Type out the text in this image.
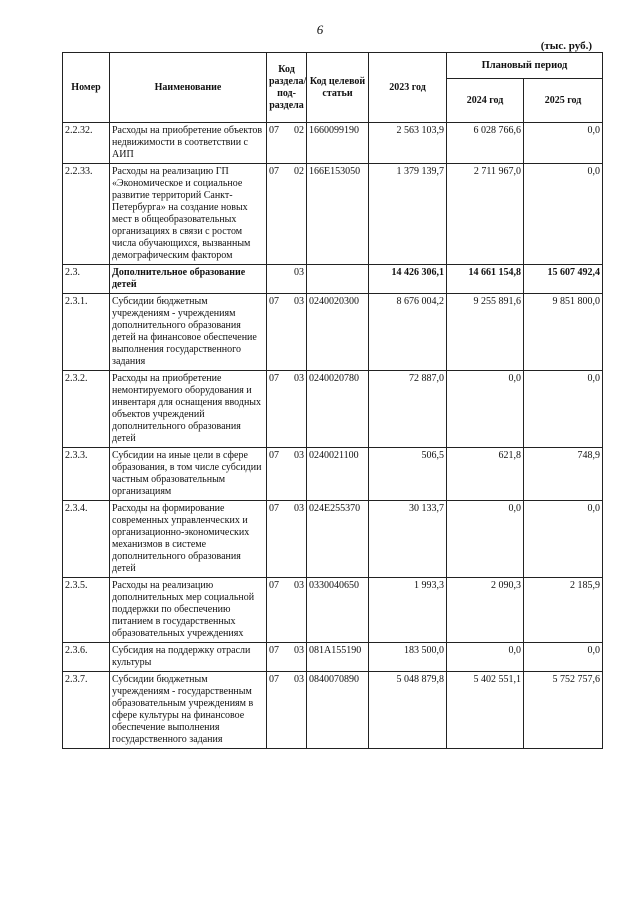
6
(тыс. руб.)
Номер	Наименование	Код раздела/ под- раздела	Код целевой статьи	2023 год	Плановый период	
					2024 год	2025 год
2.2.32.	Расходы на приобретение объектов недвижимости в соответствии с АИП	07 02	1660099190	2 563 103,9	6 028 766,6	0,0
2.2.33.	Расходы на реализацию ГП «Экономическое и социальное развитие территорий Санкт-Петербурга» на создание новых мест в общеобразовательных организациях в связи с ростом числа обучающихся, вызванным демографическим фактором	07 02	166E153050	1 379 139,7	2 711 967,0	0,0
2.3.	Дополнительное образование детей	03		14 426 306,1	14 661 154,8	15 607 492,4
2.3.1.	Субсидии бюджетным учреждениям - учреждениям дополнительного образования детей на финансовое обеспечение выполнения государственного задания	07 03	0240020300	8 676 004,2	9 255 891,6	9 851 800,0
2.3.2.	Расходы на приобретение немонтируемого оборудования и инвентаря для оснащения вводных объектов учреждений дополнительного образования детей	07 03	0240020780	72 887,0	0,0	0,0
2.3.3.	Субсидии на иные цели в сфере образования, в том числе субсидии частным образовательным организациям	07 03	0240021100	506,5	621,8	748,9
2.3.4.	Расходы на формирование современных управленческих и организационно-экономических механизмов в системе дополнительного образования детей	07 03	024E255370	30 133,7	0,0	0,0
2.3.5.	Расходы на реализацию дополнительных мер социальной поддержки по обеспечению питанием в государственных образовательных учреждениях	07 03	0330040650	1 993,3	2 090,3	2 185,9
2.3.6.	Субсидия на поддержку отрасли культуры	07 03	081A155190	183 500,0	0,0	0,0
2.3.7.	Субсидии бюджетным учреждениям - государственным образовательным учреждениям в сфере культуры на финансовое обеспечение выполнения государственного задания	07 03	0840070890	5 048 879,8	5 402 551,1	5 752 757,6
